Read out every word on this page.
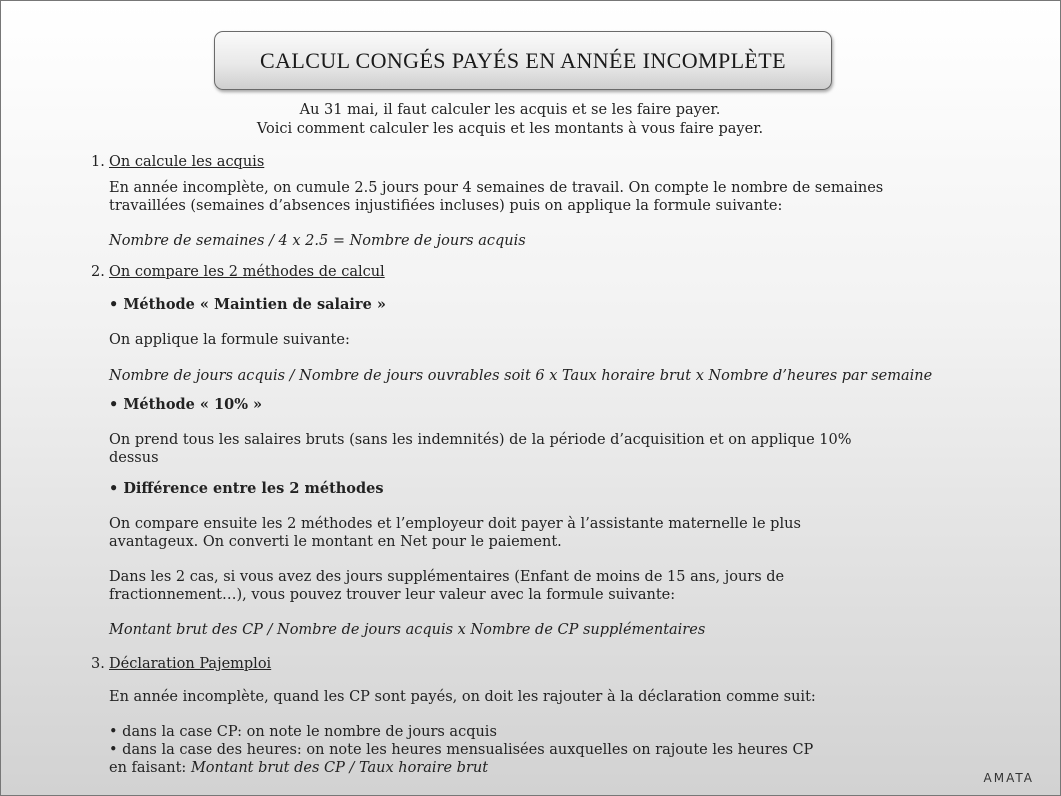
CALCUL CONGÉS PAYÉS EN ANNÉE INCOMPLÈTE
Au 31 mai, il faut calculer les acquis et se les faire payer.
Voici comment calculer les acquis et les montants à vous faire payer.
1. On calcule les acquis
En année incomplète, on cumule 2.5 jours pour 4 semaines de travail. On compte le nombre de semaines
travaillées (semaines d’absences injustifiées incluses) puis on applique la formule suivante:
Nombre de semaines / 4 x 2.5 = Nombre de jours acquis
2. On compare les 2 méthodes de calcul
• Méthode « Maintien de salaire »
On applique la formule suivante:
Nombre de jours acquis / Nombre de jours ouvrables soit 6 x Taux horaire brut x Nombre d’heures par semaine
• Méthode « 10% »
On prend tous les salaires bruts (sans les indemnités) de la période d’acquisition et on applique 10%
dessus
• Différence entre les 2 méthodes
On compare ensuite les 2 méthodes et l’employeur doit payer à l’assistante maternelle le plus
avantageux. On converti le montant en Net pour le paiement.
Dans les 2 cas, si vous avez des jours supplémentaires (Enfant de moins de 15 ans, jours de
fractionnement…), vous pouvez trouver leur valeur avec la formule suivante:
Montant brut des CP / Nombre de jours acquis x Nombre de CP supplémentaires
3. Déclaration Pajemploi
En année incomplète, quand les CP sont payés, on doit les rajouter à la déclaration comme suit:
• dans la case CP: on note le nombre de jours acquis
• dans la case des heures: on note les heures mensualisées auxquelles on rajoute les heures CP
en faisant: Montant brut des CP / Taux horaire brut
AMATA
